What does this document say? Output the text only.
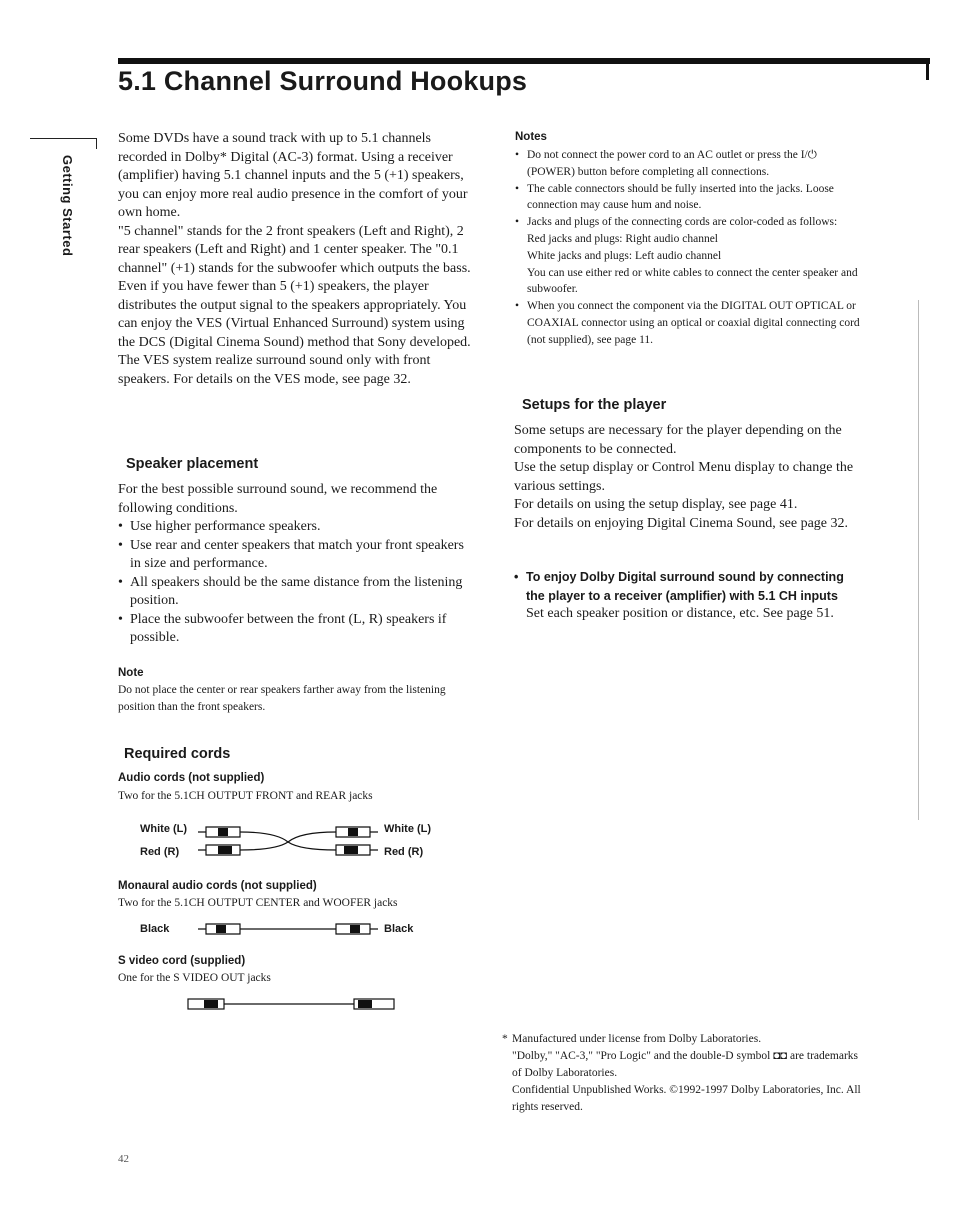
5.1 Channel Surround Hookups
Getting Started

Some DVDs have a sound track with up to 5.1 channels recorded in Dolby* Digital (AC-3) format. Using a receiver (amplifier) having 5.1 channel inputs and the 5 (+1) speakers, you can enjoy more real audio presence in the comfort of your own home.

"5 channel" stands for the 2 front speakers (Left and Right), 2 rear speakers (Left and Right) and 1 center speaker. The "0.1 channel" (+1) stands for the subwoofer which outputs the bass.

Even if you have fewer than 5 (+1) speakers, the player distributes the output signal to the speakers appropriately. You can enjoy the VES (Virtual Enhanced Surround) system using the DCS (Digital Cinema Sound) method that Sony developed. The VES system realize surround sound only with front speakers. For details on the VES mode, see page 32.

Speaker placement

For the best possible surround sound, we recommend the following conditions.

• Use higher performance speakers.
• Use rear and center speakers that match your front speakers in size and performance.
• All speakers should be the same distance from the listening position.
• Place the subwoofer between the front (L, R) speakers if possible.
Note

Do not place the center or rear speakers farther away from the listening position than the front speakers.

Required cords
Audio cords (not supplied)

Two for the 5.1CH OUTPUT FRONT and REAR jacks

White (L)
Red (R)
White (L)
Red (R)
Monaural audio cords (not supplied)

Two for the 5.1CH OUTPUT CENTER and WOOFER jacks

Black	Black
S video cord (supplied)

One for the S VIDEO OUT jacks

Notes
• Do not connect the power cord to an AC outlet or press the I/⏻ (POWER) button before completing all connections.
• The cable connectors should be fully inserted into the jacks. Loose connection may cause hum and noise.
• Jacks and plugs of the connecting cords are color-coded as follows:
Red jacks and plugs: Right audio channel
White jacks and plugs: Left audio channel
You can use either red or white cables to connect the center speaker and subwoofer.
• When you connect the component via the DIGITAL OUT OPTICAL or COAXIAL connector using an optical or coaxial digital connecting cord (not supplied), see page 11.
Setups for the player

Some setups are necessary for the player depending on the components to be connected.

Use the setup display or Control Menu display to change the various settings.

For details on using the setup display, see page 41.

For details on enjoying Digital Cinema Sound, see page 32.

• To enjoy Dolby Digital surround sound by connecting the player to a receiver (amplifier) with 5.1 CH inputs

Set each speaker position or distance, etc. See page 51.

* Manufactured under license from Dolby Laboratories.
"Dolby," "AC-3," "Pro Logic" and the double-D symbol ◘◘ are trademarks of Dolby Laboratories.
Confidential Unpublished Works. ©1992-1997 Dolby Laboratories, Inc. All rights reserved.
42
